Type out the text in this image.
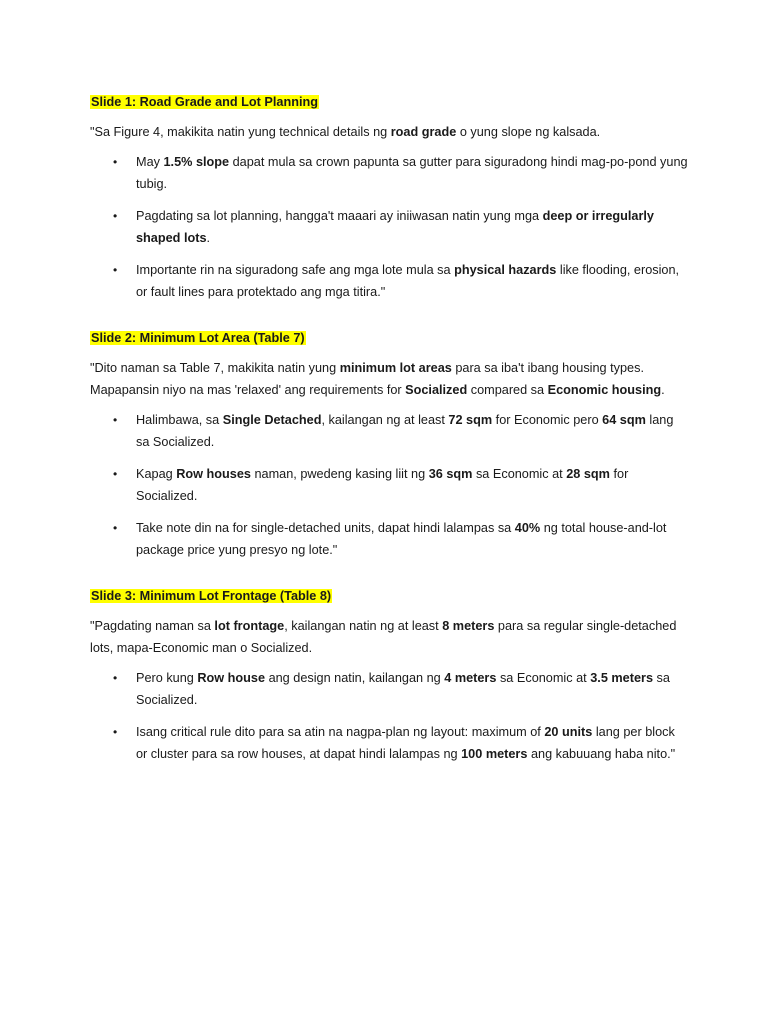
Slide 1: Road Grade and Lot Planning

"Sa Figure 4, makikita natin yung technical details ng road grade o yung slope ng kalsada.

• May 1.5% slope dapat mula sa crown papunta sa gutter para siguradong hindi mag-po-pond yung tubig.
• Pagdating sa lot planning, hangga't maaari ay iniiwasan natin yung mga deep or irregularly shaped lots.
• Importante rin na siguradong safe ang mga lote mula sa physical hazards like flooding, erosion, or fault lines para protektado ang mga titira."

Slide 2: Minimum Lot Area (Table 7)

"Dito naman sa Table 7, makikita natin yung minimum lot areas para sa iba't ibang housing types. Mapapansin niyo na mas 'relaxed' ang requirements for Socialized compared sa Economic housing.

• Halimbawa, sa Single Detached, kailangan ng at least 72 sqm for Economic pero 64 sqm lang sa Socialized.
• Kapag Row houses naman, pwedeng kasing liit ng 36 sqm sa Economic at 28 sqm for Socialized.
• Take note din na for single-detached units, dapat hindi lalampas sa 40% ng total house-and-lot package price yung presyo ng lote."

Slide 3: Minimum Lot Frontage (Table 8)

"Pagdating naman sa lot frontage, kailangan natin ng at least 8 meters para sa regular single-detached lots, mapa-Economic man o Socialized.

• Pero kung Row house ang design natin, kailangan ng 4 meters sa Economic at 3.5 meters sa Socialized.
• Isang critical rule dito para sa atin na nagpa-plan ng layout: maximum of 20 units lang per block or cluster para sa row houses, at dapat hindi lalampas ng 100 meters ang kabuuang haba nito."
